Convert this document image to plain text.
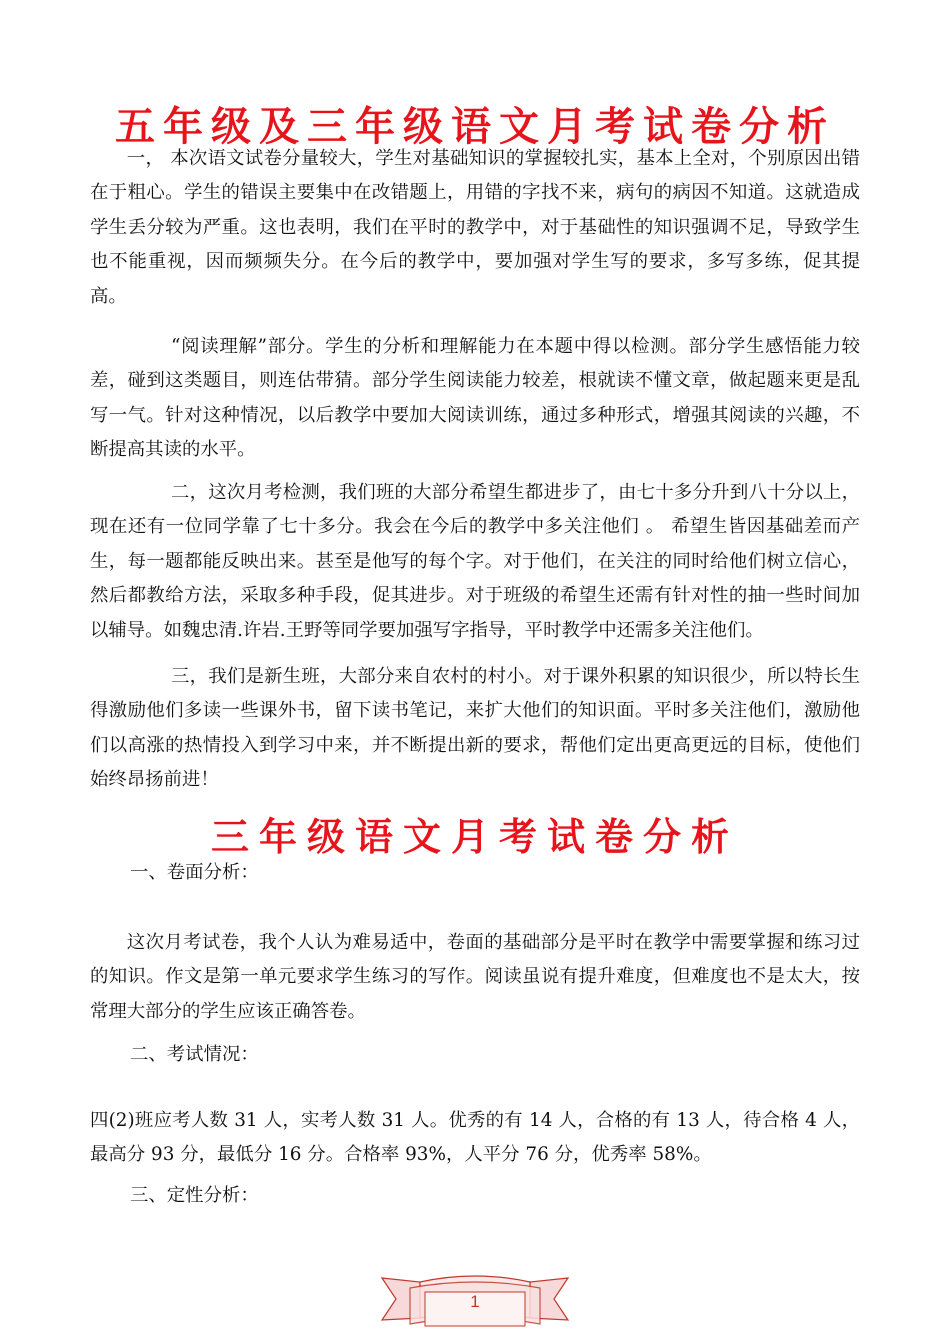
五年级及三年级语文月考试卷分析

一， 本次语文试卷分量较大，学生对基础知识的掌握较扎实，基本上全对，个别原因出错在于粗心。学生的错误主要集中在改错题上，用错的字找不来，病句的病因不知道。这就造成学生丢分较为严重。这也表明，我们在平时的教学中，对于基础性的知识强调不足，导致学生也不能重视，因而频频失分。在今后的教学中，要加强对学生写的要求，多写多练，促其提高。

“阅读理解”部分。学生的分析和理解能力在本题中得以检测。部分学生感悟能力较差，碰到这类题目，则连估带猜。部分学生阅读能力较差，根就读不懂文章，做起题来更是乱写一气。针对这种情况，以后教学中要加大阅读训练，通过多种形式，增强其阅读的兴趣，不断提高其读的水平。

二，这次月考检测，我们班的大部分希望生都进步了，由七十多分升到八十分以上，现在还有一位同学靠了七十多分。我会在今后的教学中多关注他们 。 希望生皆因基础差而产生，每一题都能反映出来。甚至是他写的每个字。对于他们，在关注的同时给他们树立信心，然后都教给方法，采取多种手段，促其进步。对于班级的希望生还需有针对性的抽一些时间加以辅导。如魏忠清.许岩.王野等同学要加强写字指导，平时教学中还需多关注他们。

三，我们是新生班，大部分来自农村的村小。对于课外积累的知识很少，所以特长生得激励他们多读一些课外书，留下读书笔记，来扩大他们的知识面。平时多关注他们，激励他们以高涨的热情投入到学习中来，并不断提出新的要求，帮他们定出更高更远的目标，使他们始终昂扬前进！

三年级语文月考试卷分析

一、卷面分析：

这次月考试卷，我个人认为难易适中，卷面的基础部分是平时在教学中需要掌握和练习过的知识。作文是第一单元要求学生练习的写作。阅读虽说有提升难度，但难度也不是太大，按常理大部分的学生应该正确答卷。

二、考试情况：

四(2)班应考人数 31 人，实考人数 31 人。优秀的有 14 人，合格的有 13 人，待合格 4 人，最高分 93 分，最低分 16 分。合格率 93%，人平分 76 分，优秀率 58%。

三、定性分析：

1
